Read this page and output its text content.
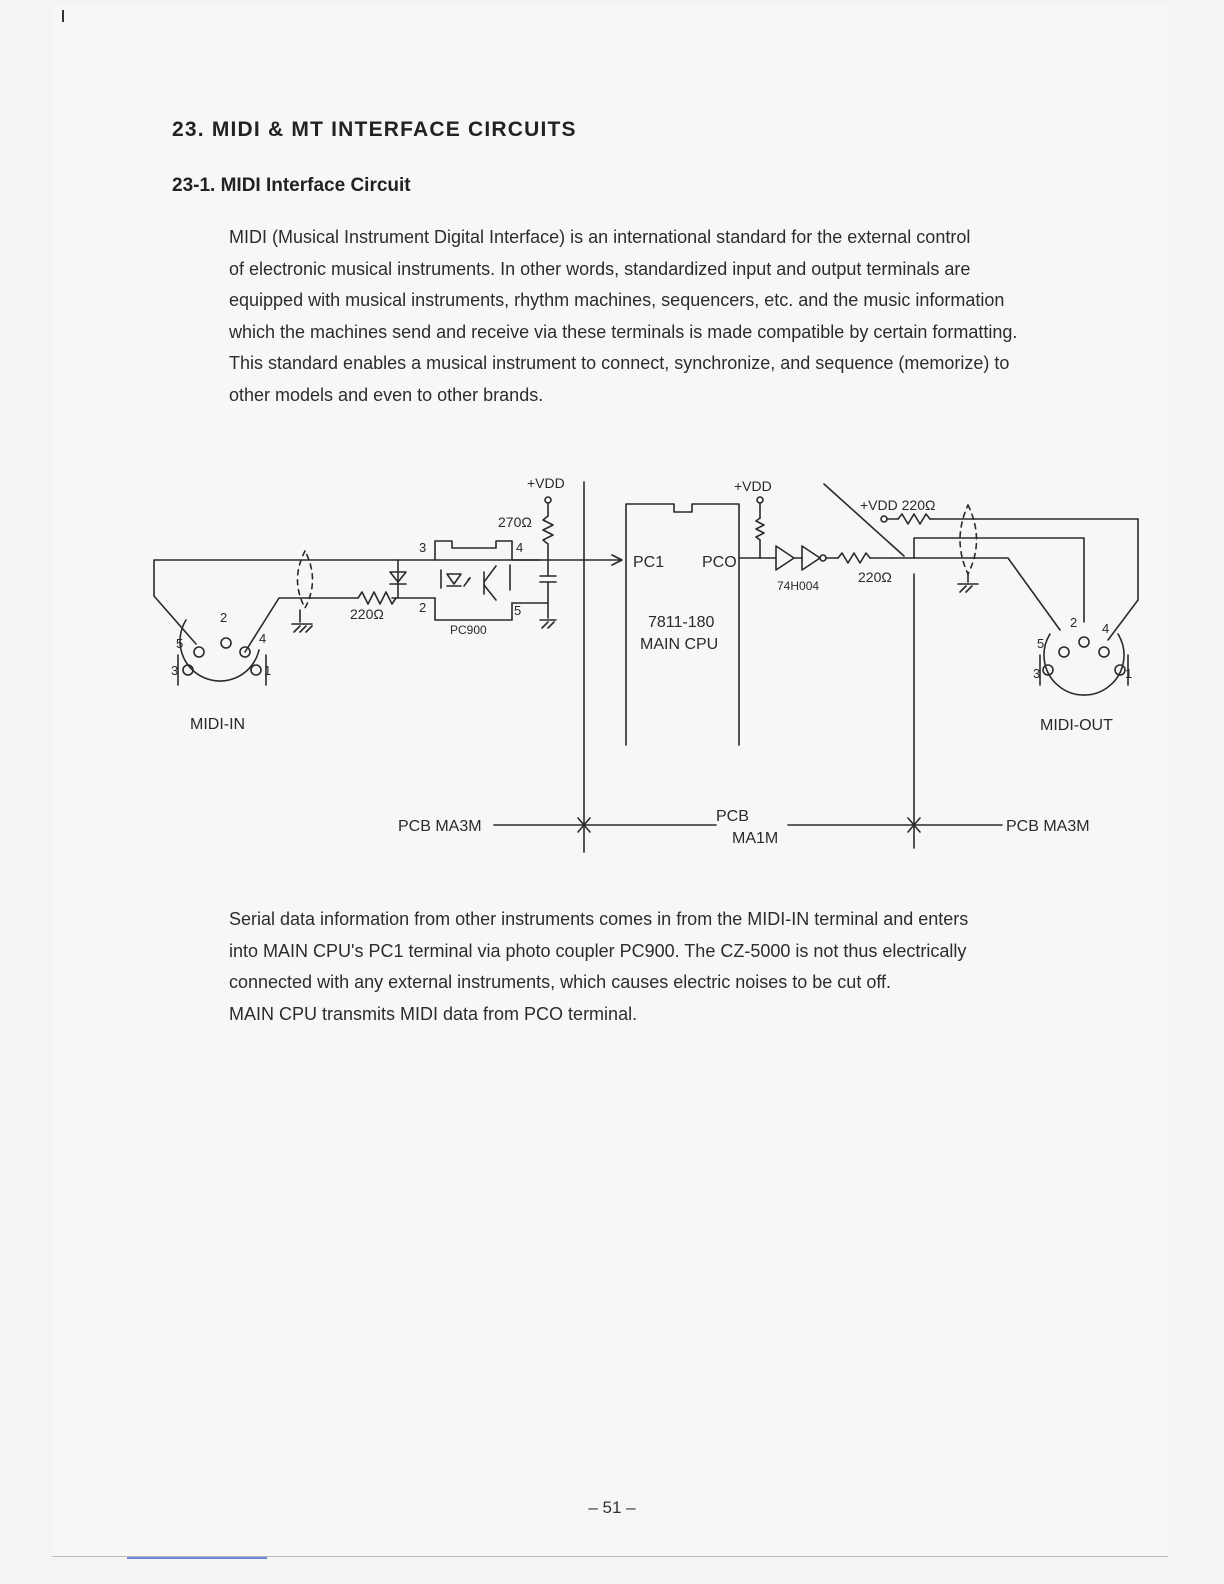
23. MIDI & MT INTERFACE CIRCUITS
23-1. MIDI Interface Circuit

MIDI (Musical Instrument Digital Interface) is an international standard for the external control

of electronic musical instruments. In other words, standardized input and output terminals are

equipped with musical instruments, rhythm machines, sequencers, etc. and the music information

which the machines send and receive via these terminals is made compatible by certain formatting.

This standard enables a musical instrument to connect, synchronize, and sequence (memorize) to

other models and even to other brands.

2
5	4
3	1
MIDI-IN
220Ω
3	4
2	5
PC900
+VDD
270Ω
PC1 PCO
7811-180
MAIN CPU
+VDD
74H004
220Ω
+VDD 220Ω
2 4
5
3	1
MIDI-OUT
PCB MA3M
PCB
MA1M
PCB MA3M

Serial data information from other instruments comes in from the MIDI-IN terminal and enters

into MAIN CPU's PC1 terminal via photo coupler PC900. The CZ-5000 is not thus electrically

connected with any external instruments, which causes electric noises to be cut off.

MAIN CPU transmits MIDI data from PCO terminal.

– 51 –
